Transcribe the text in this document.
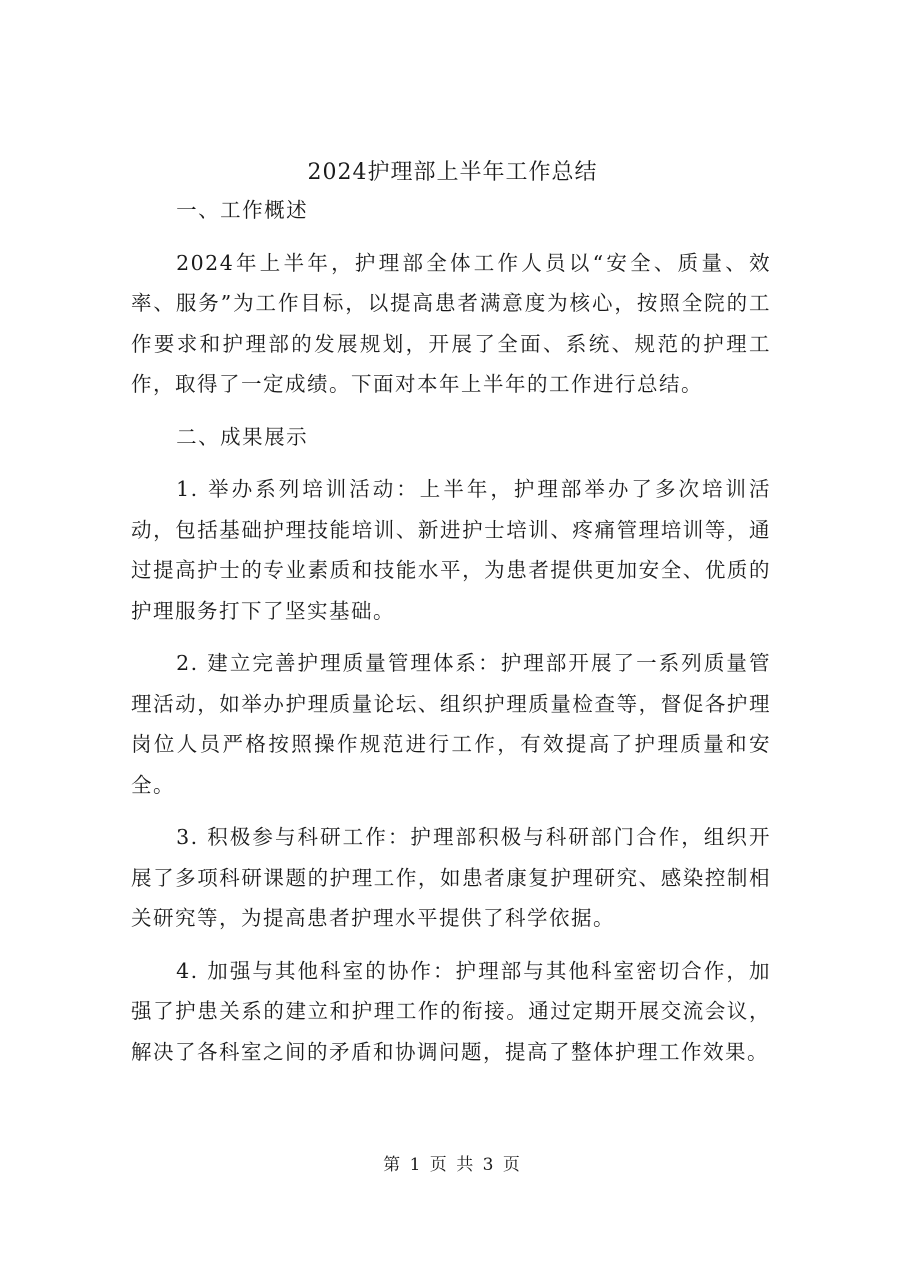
2024护理部上半年工作总结

一、工作概述

2024年上半年，护理部全体工作人员以“安全、质量、效率、服务”为工作目标，以提高患者满意度为核心，按照全院的工作要求和护理部的发展规划，开展了全面、系统、规范的护理工作，取得了一定成绩。下面对本年上半年的工作进行总结。

二、成果展示

1. 举办系列培训活动：上半年，护理部举办了多次培训活动，包括基础护理技能培训、新进护士培训、疼痛管理培训等，通过提高护士的专业素质和技能水平，为患者提供更加安全、优质的护理服务打下了坚实基础。

2. 建立完善护理质量管理体系：护理部开展了一系列质量管理活动，如举办护理质量论坛、组织护理质量检查等，督促各护理岗位人员严格按照操作规范进行工作，有效提高了护理质量和安全。

3. 积极参与科研工作：护理部积极与科研部门合作，组织开展了多项科研课题的护理工作，如患者康复护理研究、感染控制相关研究等，为提高患者护理水平提供了科学依据。

4. 加强与其他科室的协作：护理部与其他科室密切合作，加强了护患关系的建立和护理工作的衔接。通过定期开展交流会议，解决了各科室之间的矛盾和协调问题，提高了整体护理工作效果。

第 1 页 共 3 页
